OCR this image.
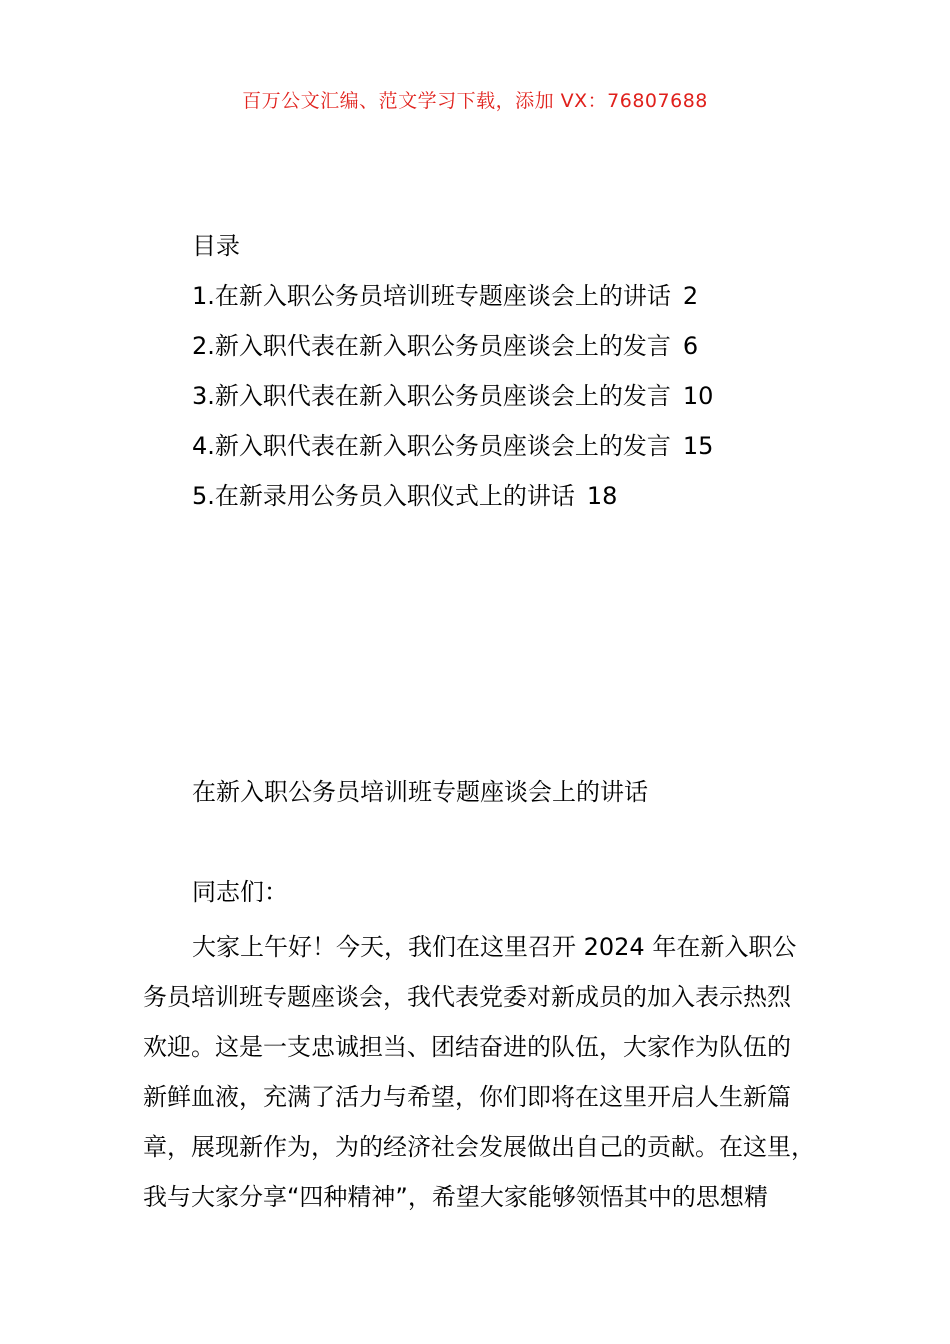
百万公文汇编、范文学习下载，添加 VX：76807688
目录
1.在新入职公务员培训班专题座谈会上的讲话 2
2.新入职代表在新入职公务员座谈会上的发言 6
3.新入职代表在新入职公务员座谈会上的发言 10
4.新入职代表在新入职公务员座谈会上的发言 15
5.在新录用公务员入职仪式上的讲话 18
在新入职公务员培训班专题座谈会上的讲话
同志们：
大家上午好！今天，我们在这里召开 2024 年在新入职公
务员培训班专题座谈会，我代表党委对新成员的加入表示热烈
欢迎。这是一支忠诚担当、团结奋进的队伍，大家作为队伍的
新鲜血液，充满了活力与希望，你们即将在这里开启人生新篇
章，展现新作为，为的经济社会发展做出自己的贡献。在这里，
我与大家分享“四种精神”，希望大家能够领悟其中的思想精
